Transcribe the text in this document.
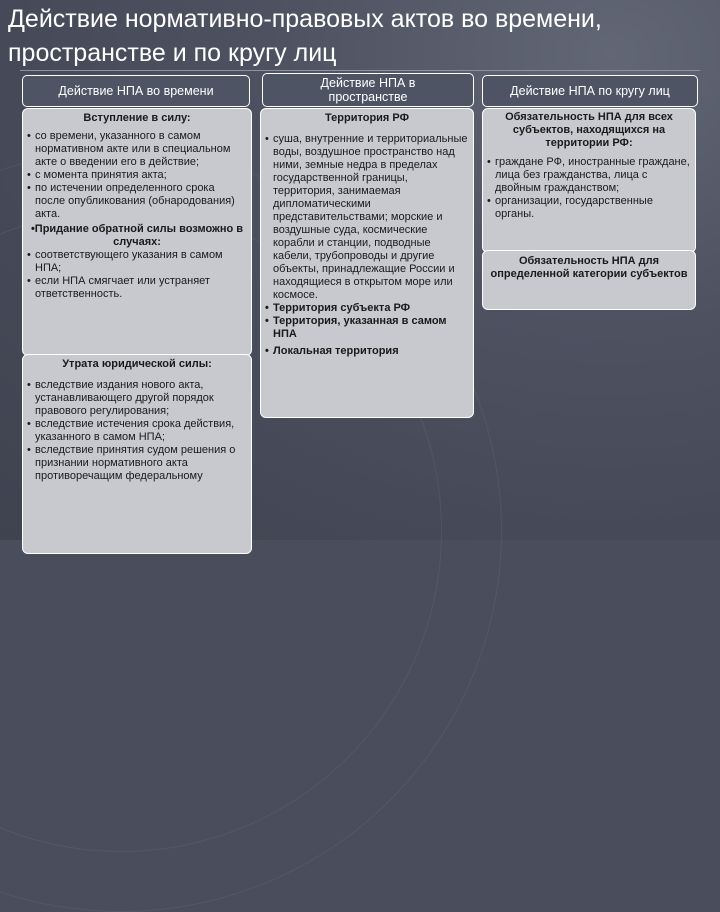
Действие нормативно-правовых актов во времени, пространстве и по кругу лиц
Действие НПА во времени
Действие НПА в пространстве	Действие НПА по кругу лиц
Вступление в силу:
• со времени, указанного в самом нормативном акте или в специальном акте о введении его в действие;
• с момента принятия акта;
• по истечении определенного срока после опубликования (обнародования) акта.
•Придание обратной силы возможно в случаях:
• соответствующего указания в самом НПА;
• если НПА смягчает или устраняет ответственность.
Утрата юридической силы:
• вследствие издания нового акта, устанавливающего другой порядок правового регулирования;
• вследствие истечения срока действия, указанного в самом НПА;
• вследствие принятия судом решения о признании нормативного акта противоречащим федеральному
Территория РФ
• суша, внутренние и территориальные воды, воздушное пространство над ними, земные недра в пределах государственной границы, территория, занимаемая дипломатическими представительствами; морские и воздушные суда, космические корабли и станции, подводные кабели, трубопроводы и другие объекты, принадлежащие России и находящиеся в открытом море или космосе.
• Территория субъекта РФ
• Территория, указанная в самом НПА
• Локальная территория
Обязательность НПА для всех субъектов, находящихся на территории РФ:
• граждане РФ, иностранные граждане, лица без гражданства, лица с двойным гражданством;
• организации, государственные органы.
Обязательность НПА для определенной категории субъектов
